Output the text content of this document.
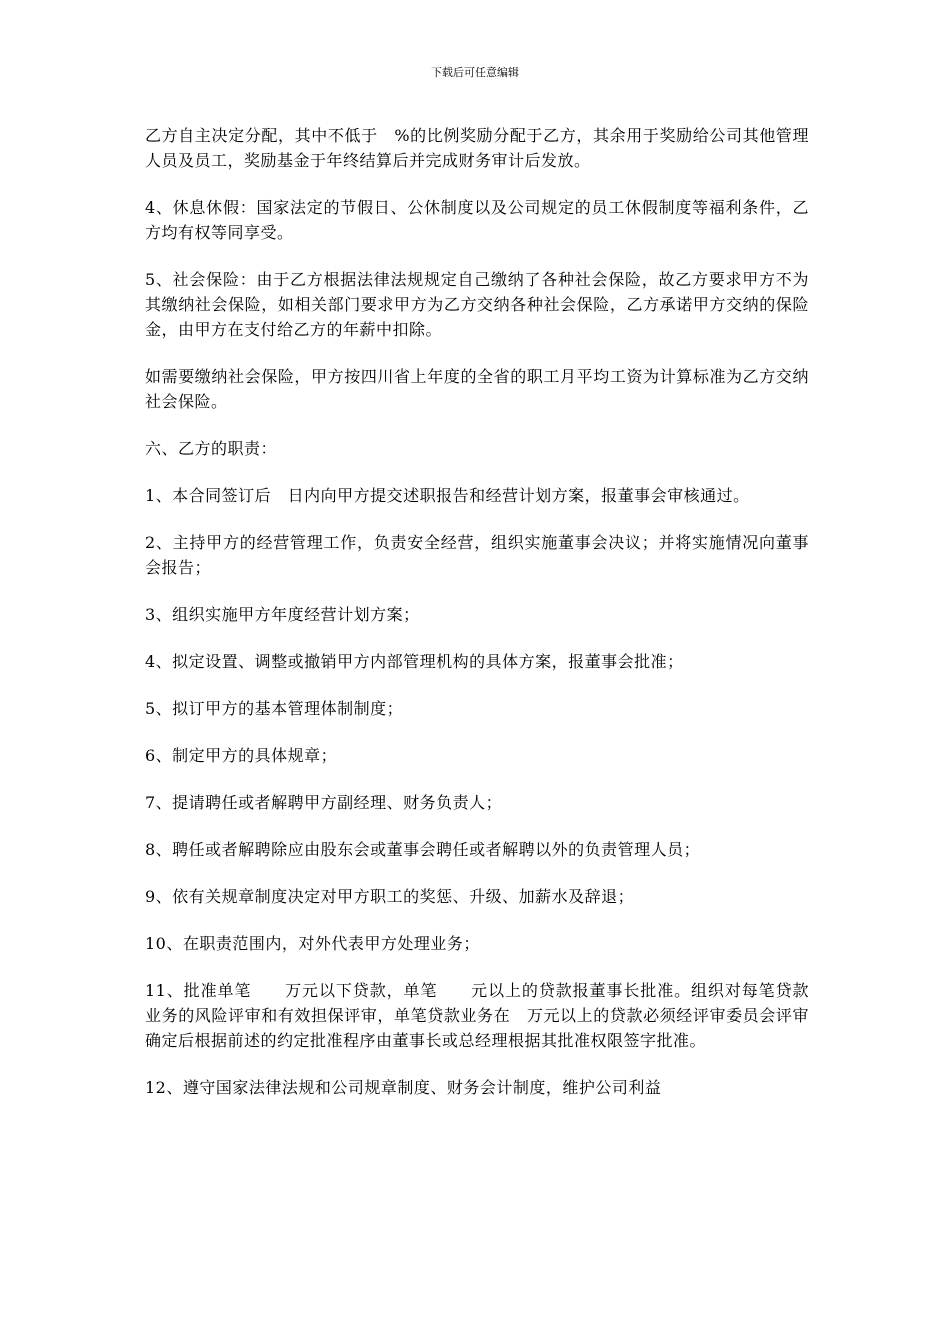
下载后可任意编辑

乙方自主决定分配，其中不低于　%的比例奖励分配于乙方，其余用于奖励给公司其他管理人员及员工，奖励基金于年终结算后并完成财务审计后发放。

4、休息休假：国家法定的节假日、公休制度以及公司规定的员工休假制度等福利条件，乙方均有权等同享受。

5、社会保险：由于乙方根据法律法规规定自己缴纳了各种社会保险，故乙方要求甲方不为其缴纳社会保险，如相关部门要求甲方为乙方交纳各种社会保险，乙方承诺甲方交纳的保险金，由甲方在支付给乙方的年薪中扣除。

如需要缴纳社会保险，甲方按四川省上年度的全省的职工月平均工资为计算标准为乙方交纳社会保险。

六、乙方的职责：

1、本合同签订后　日内向甲方提交述职报告和经营计划方案，报董事会审核通过。

2、主持甲方的经营管理工作，负责安全经营，组织实施董事会决议；并将实施情况向董事会报告；

3、组织实施甲方年度经营计划方案；

4、拟定设置、调整或撤销甲方内部管理机构的具体方案，报董事会批准；

5、拟订甲方的基本管理体制制度；

6、制定甲方的具体规章；

7、提请聘任或者解聘甲方副经理、财务负责人；

8、聘任或者解聘除应由股东会或董事会聘任或者解聘以外的负责管理人员；

9、依有关规章制度决定对甲方职工的奖惩、升级、加薪水及辞退；

10、在职责范围内，对外代表甲方处理业务；

11、批准单笔　　万元以下贷款，单笔　　元以上的贷款报董事长批准。组织对每笔贷款业务的风险评审和有效担保评审，单笔贷款业务在　万元以上的贷款必须经评审委员会评审确定后根据前述的约定批准程序由董事长或总经理根据其批准权限签字批准。

12、遵守国家法律法规和公司规章制度、财务会计制度，维护公司利益
